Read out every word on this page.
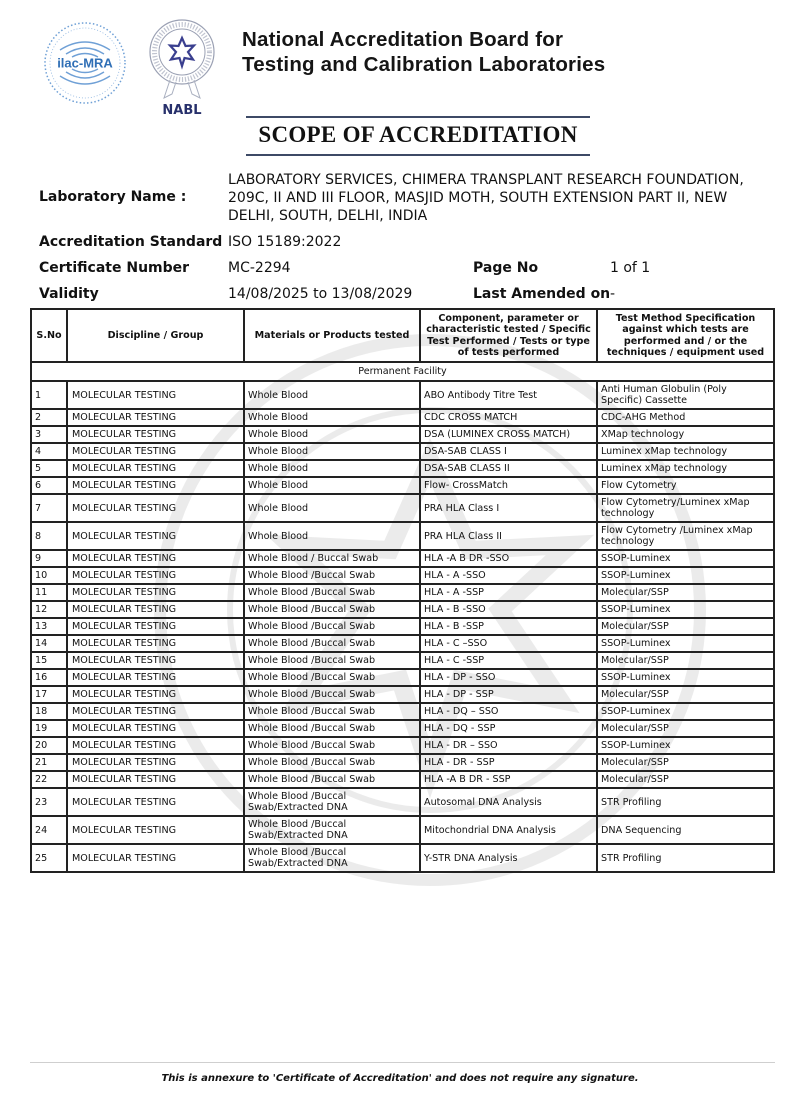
ilac-MRA
NABL
National Accreditation Board for
Testing and Calibration Laboratories
SCOPE OF ACCREDITATION
Laboratory Name :
LABORATORY SERVICES, CHIMERA TRANSPLANT RESEARCH FOUNDATION, 209C, II AND III FLOOR, MASJID MOTH, SOUTH EXTENSION PART II, NEW DELHI, SOUTH, DELHI, INDIA
Accreditation Standard ISO 15189:2022
Certificate Number	MC-2294	Page No	1 of 1
Validity	14/08/2025 to 13/08/2029	Last Amended on -
S.No	Discipline / Group	Materials or Products tested	Component, parameter or characteristic tested / Specific Test Performed / Tests or type of tests performed	Test Method Specification against which tests are performed and / or the techniques / equipment used
Permanent Facility				
1	MOLECULAR TESTING	Whole Blood	ABO Antibody Titre Test	Anti Human Globulin (Poly Specific) Cassette
2	MOLECULAR TESTING	Whole Blood	CDC CROSS MATCH	CDC-AHG Method
3	MOLECULAR TESTING	Whole Blood	DSA (LUMINEX CROSS MATCH)	XMap technology
4	MOLECULAR TESTING	Whole Blood	DSA-SAB CLASS I	Luminex xMap technology
5	MOLECULAR TESTING	Whole Blood	DSA-SAB CLASS II	Luminex xMap technology
6	MOLECULAR TESTING	Whole Blood	Flow- CrossMatch	Flow Cytometry
7	MOLECULAR TESTING	Whole Blood	PRA HLA Class I	Flow Cytometry/Luminex xMap technology
8	MOLECULAR TESTING	Whole Blood	PRA HLA Class II	Flow Cytometry /Luminex xMap technology
9	MOLECULAR TESTING	Whole Blood / Buccal Swab	HLA -A B DR -SSO	SSOP-Luminex
10	MOLECULAR TESTING	Whole Blood /Buccal Swab	HLA - A -SSO	SSOP-Luminex
11	MOLECULAR TESTING	Whole Blood /Buccal Swab	HLA - A -SSP	Molecular/SSP
12	MOLECULAR TESTING	Whole Blood /Buccal Swab	HLA - B -SSO	SSOP-Luminex
13	MOLECULAR TESTING	Whole Blood /Buccal Swab	HLA - B -SSP	Molecular/SSP
14	MOLECULAR TESTING	Whole Blood /Buccal Swab	HLA - C –SSO	SSOP-Luminex
15	MOLECULAR TESTING	Whole Blood /Buccal Swab	HLA - C -SSP	Molecular/SSP
16	MOLECULAR TESTING	Whole Blood /Buccal Swab	HLA - DP - SSO	SSOP-Luminex
17	MOLECULAR TESTING	Whole Blood /Buccal Swab	HLA - DP - SSP	Molecular/SSP
18	MOLECULAR TESTING	Whole Blood /Buccal Swab	HLA - DQ – SSO	SSOP-Luminex
19	MOLECULAR TESTING	Whole Blood /Buccal Swab	HLA - DQ - SSP	Molecular/SSP
20	MOLECULAR TESTING	Whole Blood /Buccal Swab	HLA - DR – SSO	SSOP-Luminex
21	MOLECULAR TESTING	Whole Blood /Buccal Swab	HLA - DR - SSP	Molecular/SSP
22	MOLECULAR TESTING	Whole Blood /Buccal Swab	HLA -A B DR - SSP	Molecular/SSP
23	MOLECULAR TESTING	Whole Blood /Buccal Swab/Extracted DNA	Autosomal DNA Analysis	STR Profiling
24	MOLECULAR TESTING	Whole Blood /Buccal Swab/Extracted DNA	Mitochondrial DNA Analysis	DNA Sequencing
25	MOLECULAR TESTING	Whole Blood /Buccal Swab/Extracted DNA	Y-STR DNA Analysis	STR Profiling
This is annexure to 'Certificate of Accreditation' and does not require any signature.
